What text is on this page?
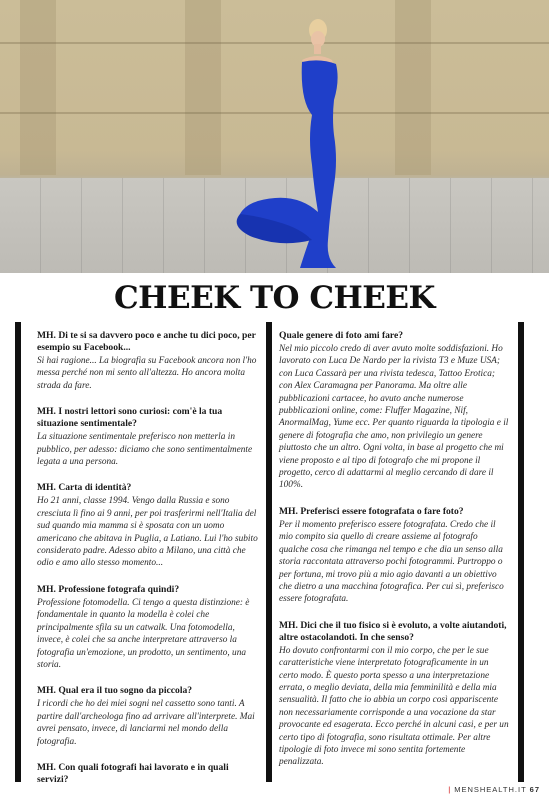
CHEEK TO CHEEK

MH. Di te si sa davvero poco e anche tu dici poco, per esempio su Facebook...

Si hai ragione... La biografia su Facebook ancora non l'ho messa perché non mi sento all'altezza. Ho ancora molta strada da fare.

MH. I nostri lettori sono curiosi: com'è la tua situazione sentimentale?

La situazione sentimentale preferisco non metterla in pubblico, per adesso: diciamo che sono sentimentalmente legata a una persona.

MH. Carta di identità?

Ho 21 anni, classe 1994. Vengo dalla Russia e sono cresciuta lì fino ai 9 anni, per poi trasferirmi nell'Italia del sud quando mia mamma si è sposata con un uomo americano che abitava in Puglia, a Latiano. Lui l'ho subito considerato padre. Adesso abito a Milano, una città che odio e amo allo stesso momento...

MH. Professione fotografa quindi?

Professione fotomodella. Ci tengo a questa distinzione: è fondamentale in quanto la modella è colei che principalmente sfila su un catwalk. Una fotomodella, invece, è colei che sa anche interpretare attraverso la fotografia un'emozione, un prodotto, un sentimento, una storia.

MH. Qual era il tuo sogno da piccola?

I ricordi che ho dei miei sogni nel cassetto sono tanti. A partire dall'archeologa fino ad arrivare all'interprete. Mai avrei pensato, invece, di lanciarmi nel mondo della fotografia.

MH. Con quali fotografi hai lavorato e in quali servizi?

Quale genere di foto ami fare?

Nel mio piccolo credo di aver avuto molte soddisfazioni. Ho lavorato con Luca De Nardo per la rivista T3 e Muze USA; con Luca Cassarà per una rivista tedesca, Tattoo Erotica; con Alex Caramagna per Panorama. Ma oltre alle pubblicazioni cartacee, ho avuto anche numerose pubblicazioni online, come: Fluffer Magazine, Nif, AnormalMag, Yume ecc. Per quanto riguarda la tipologia e il genere di fotografia che amo, non privilegio un genere piuttosto che un altro. Ogni volta, in base al progetto che mi viene proposto e al tipo di fotografo che mi propone il progetto, cerco di adattarmi al meglio cercando di dare il 100%.

MH. Preferisci essere fotografata o fare foto?

Per il momento preferisco essere fotografata. Credo che il mio compito sia quello di creare assieme al fotografo qualche cosa che rimanga nel tempo e che dia un senso alla storia raccontata attraverso pochi fotogrammi. Purtroppo o per fortuna, mi trovo più a mio agio davanti a un obiettivo che dietro a una macchina fotografica. Per cui sì, preferisco essere fotografata.

MH. Dici che il tuo fisico si è evoluto, a volte aiutandoti, altre ostacolandoti. In che senso?

Ho dovuto confrontarmi con il mio corpo, che per le sue caratteristiche viene interpretato fotograficamente in un certo modo. È questo porta spesso a una interpretazione errata, o meglio deviata, della mia femminilità e della mia sensualità. Il fatto che io abbia un corpo così appariscente non necessariamente corrisponde a una vocazione da star provocante ed esagerata. Ecco perché in alcuni casi, e per un certo tipo di fotografia, sono risultata ottimale. Per altre tipologie di foto invece mi sono sentita fortemente penalizzata.

| MENSHEALTH.IT 67
